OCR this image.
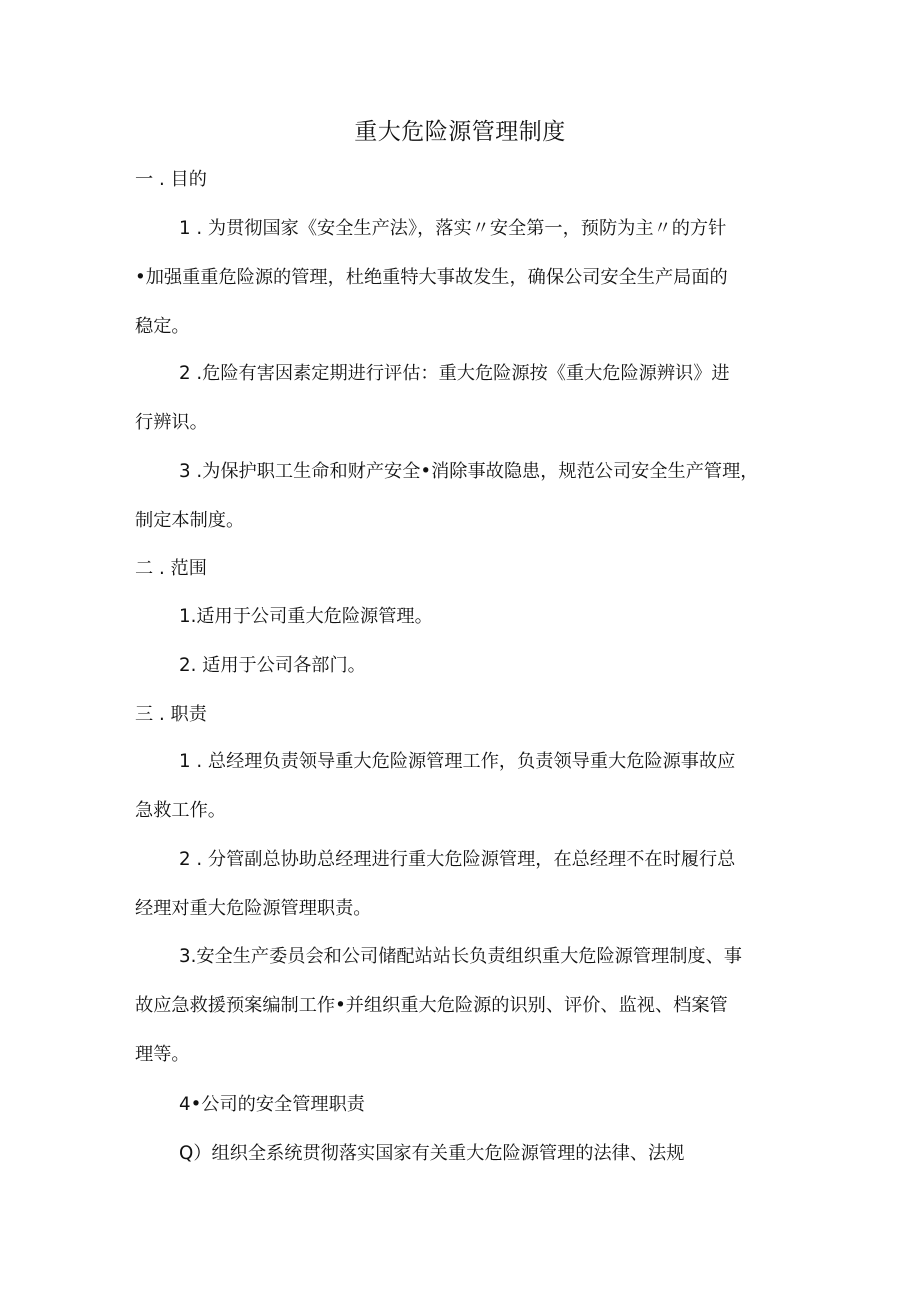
重大危险源管理制度
一 . 目的
1 . 为贯彻国家《安全生产法》，落实〃安全第一，预防为主〃的方针
•加强重重危险源的管理，杜绝重特大事故发生，确保公司安全生产局面的
稳定。
2 .危险有害因素定期进行评估：重大危险源按《重大危险源辨识》进
行辨识。
3 .为保护职工生命和财产安全•消除事故隐患，规范公司安全生产管理，
制定本制度。
二 . 范围
1.适用于公司重大危险源管理。
2. 适用于公司各部门。
三 . 职责
1 . 总经理负责领导重大危险源管理工作，负责领导重大危险源事故应
急救工作。
2 . 分管副总协助总经理进行重大危险源管理，在总经理不在时履行总
经理对重大危险源管理职责。
3.安全生产委员会和公司储配站站长负责组织重大危险源管理制度、事
故应急救援预案编制工作•并组织重大危险源的识别、评价、监视、档案管
理等。
4•公司的安全管理职责
Q）组织全系统贯彻落实国家有关重大危险源管理的法律、法规
